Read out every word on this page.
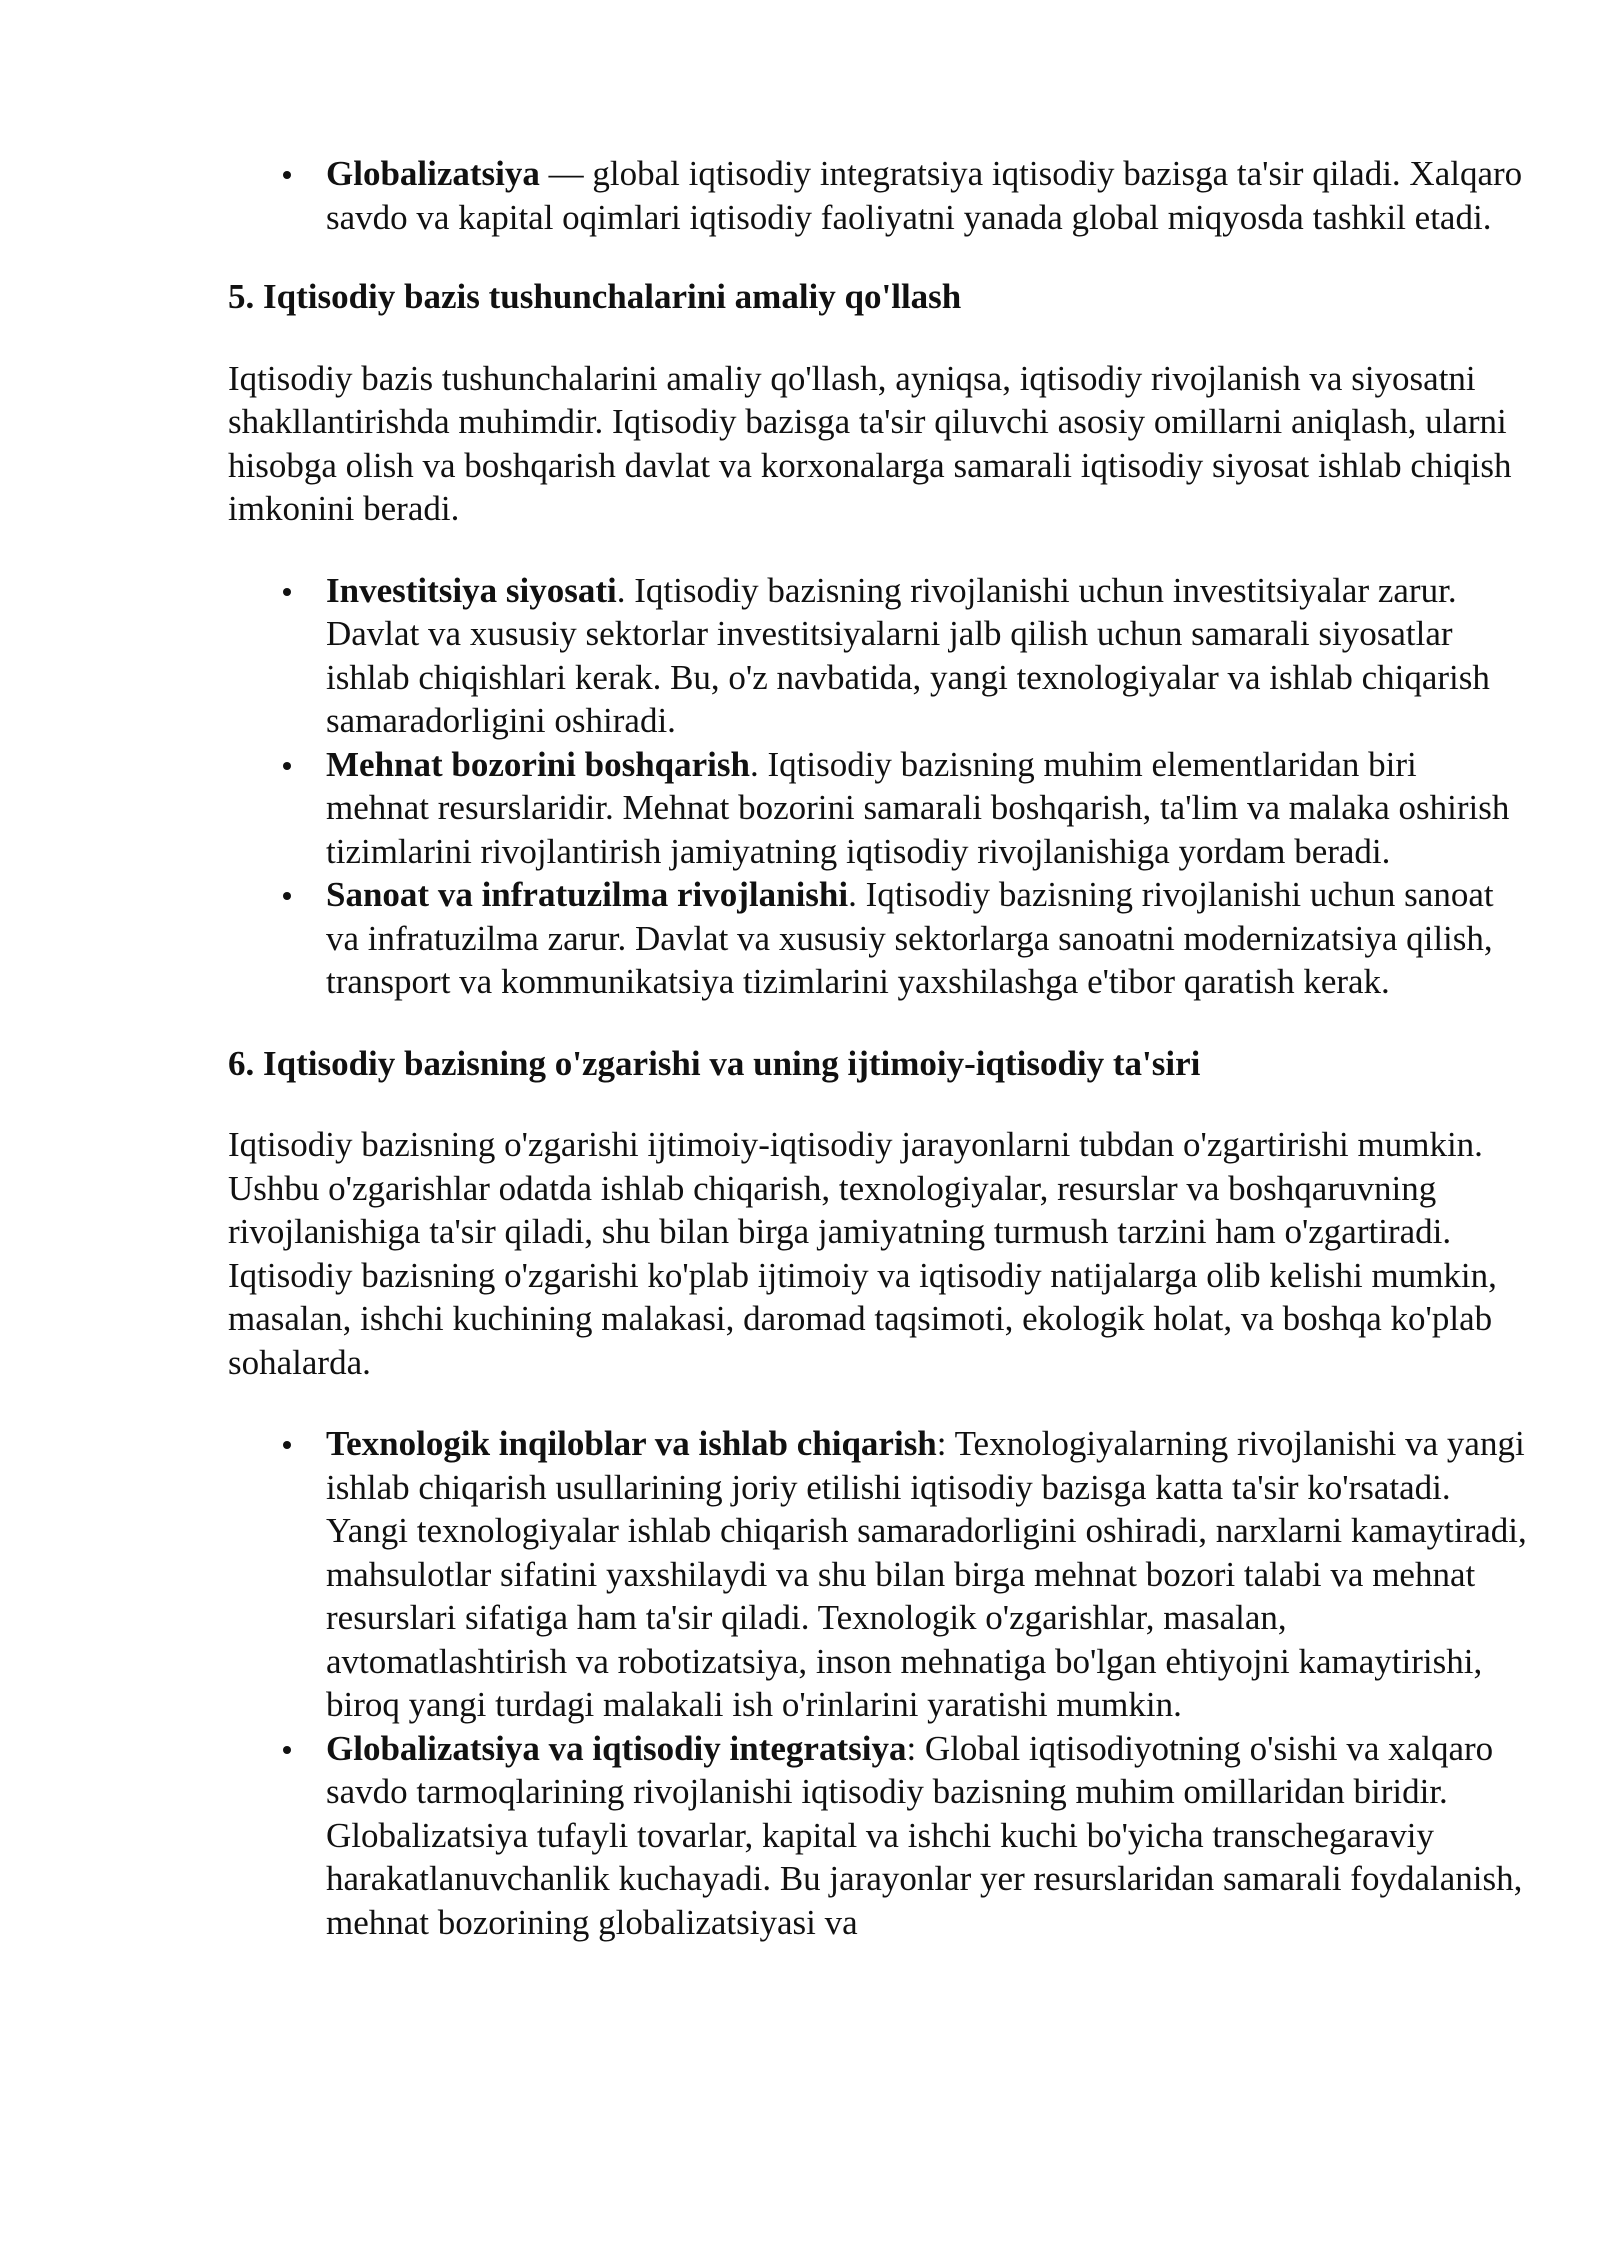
Globalizatsiya — global iqtisodiy integratsiya iqtisodiy bazisga ta'sir qiladi. Xalqaro savdo va kapital oqimlari iqtisodiy faoliyatni yanada global miqyosda tashkil etadi.
5. Iqtisodiy bazis tushunchalarini amaliy qo'llash

Iqtisodiy bazis tushunchalarini amaliy qo'llash, ayniqsa, iqtisodiy rivojlanish va siyosatni shakllantirishda muhimdir. Iqtisodiy bazisga ta'sir qiluvchi asosiy omillarni aniqlash, ularni hisobga olish va boshqarish davlat va korxonalarga samarali iqtisodiy siyosat ishlab chiqish imkonini beradi.

Investitsiya siyosati. Iqtisodiy bazisning rivojlanishi uchun investitsiyalar zarur. Davlat va xususiy sektorlar investitsiyalarni jalb qilish uchun samarali siyosatlar ishlab chiqishlari kerak. Bu, o'z navbatida, yangi texnologiyalar va ishlab chiqarish samaradorligini oshiradi.
Mehnat bozorini boshqarish. Iqtisodiy bazisning muhim elementlaridan biri mehnat resurslaridir. Mehnat bozorini samarali boshqarish, ta'lim va malaka oshirish tizimlarini rivojlantirish jamiyatning iqtisodiy rivojlanishiga yordam beradi.
Sanoat va infratuzilma rivojlanishi. Iqtisodiy bazisning rivojlanishi uchun sanoat va infratuzilma zarur. Davlat va xususiy sektorlarga sanoatni modernizatsiya qilish, transport va kommunikatsiya tizimlarini yaxshilashga e'tibor qaratish kerak.
6. Iqtisodiy bazisning o'zgarishi va uning ijtimoiy-iqtisodiy ta'siri

Iqtisodiy bazisning o'zgarishi ijtimoiy-iqtisodiy jarayonlarni tubdan o'zgartirishi mumkin. Ushbu o'zgarishlar odatda ishlab chiqarish, texnologiyalar, resurslar va boshqaruvning rivojlanishiga ta'sir qiladi, shu bilan birga jamiyatning turmush tarzini ham o'zgartiradi. Iqtisodiy bazisning o'zgarishi ko'plab ijtimoiy va iqtisodiy natijalarga olib kelishi mumkin, masalan, ishchi kuchining malakasi, daromad taqsimoti, ekologik holat, va boshqa ko'plab sohalarda.

Texnologik inqiloblar va ishlab chiqarish: Texnologiyalarning rivojlanishi va yangi ishlab chiqarish usullarining joriy etilishi iqtisodiy bazisga katta ta'sir ko'rsatadi. Yangi texnologiyalar ishlab chiqarish samaradorligini oshiradi, narxlarni kamaytiradi, mahsulotlar sifatini yaxshilaydi va shu bilan birga mehnat bozori talabi va mehnat resurslari sifatiga ham ta'sir qiladi. Texnologik o'zgarishlar, masalan, avtomatlashtirish va robotizatsiya, inson mehnatiga bo'lgan ehtiyojni kamaytirishi, biroq yangi turdagi malakali ish o'rinlarini yaratishi mumkin.
Globalizatsiya va iqtisodiy integratsiya: Global iqtisodiyotning o'sishi va xalqaro savdo tarmoqlarining rivojlanishi iqtisodiy bazisning muhim omillaridan biridir. Globalizatsiya tufayli tovarlar, kapital va ishchi kuchi bo'yicha transchegaraviy harakatlanuvchanlik kuchayadi. Bu jarayonlar yer resurslaridan samarali foydalanish, mehnat bozorining globalizatsiyasi va
